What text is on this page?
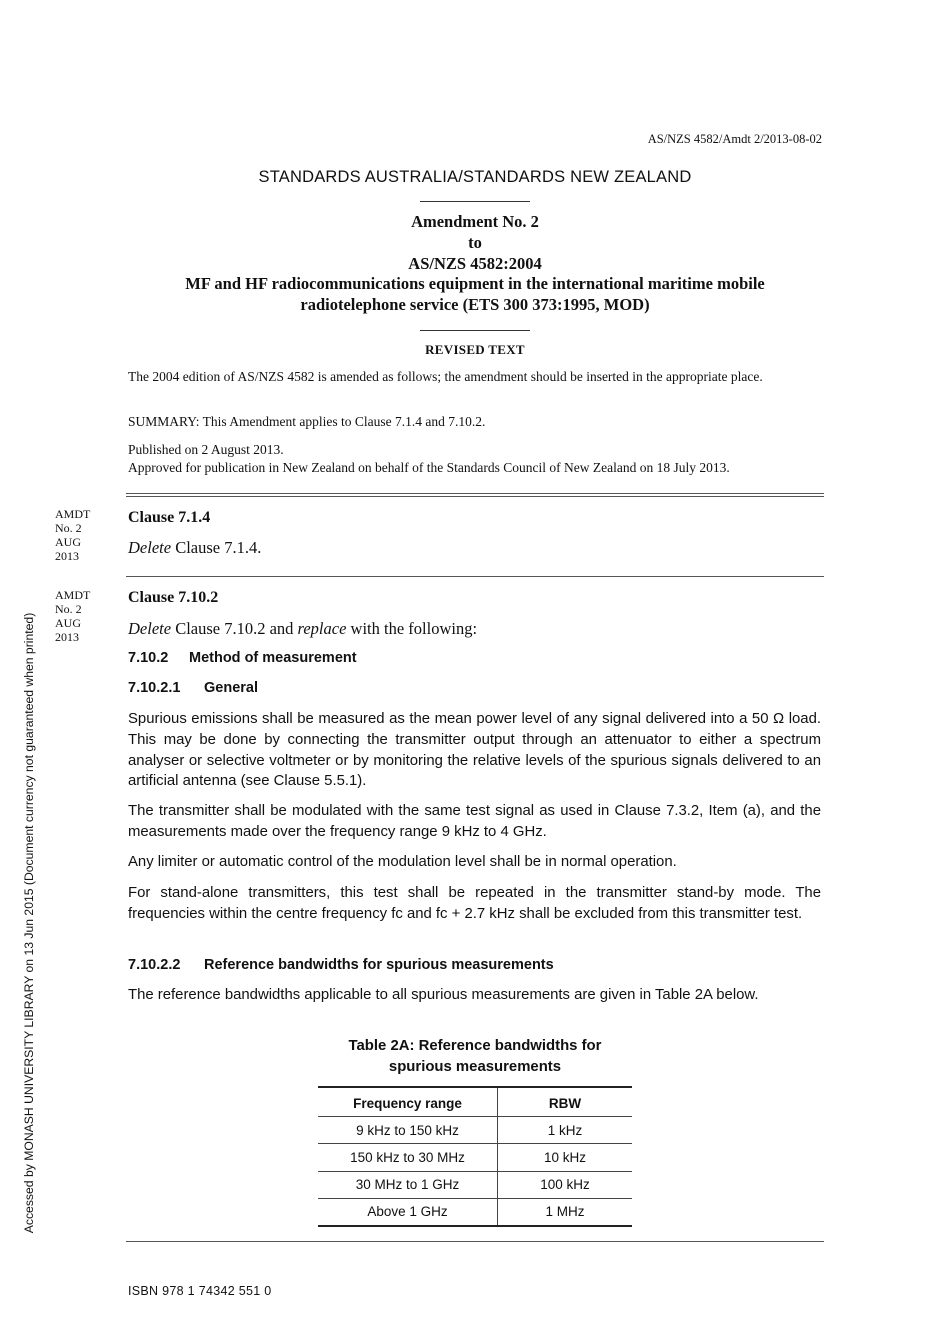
AS/NZS 4582/Amdt 2/2013-08-02
STANDARDS AUSTRALIA/STANDARDS NEW ZEALAND
Amendment No. 2
to
AS/NZS 4582:2004
MF and HF radiocommunications equipment in the international maritime mobile
radiotelephone service (ETS 300 373:1995, MOD)
REVISED TEXT
The 2004 edition of AS/NZS 4582 is amended as follows; the amendment should be inserted in the appropriate place.
SUMMARY: This Amendment applies to Clause 7.1.4 and 7.10.2.
Published on 2 August 2013.
Approved for publication in New Zealand on behalf of the Standards Council of New Zealand on 18 July 2013.
AMDT
No. 2
AUG
2013
Clause 7.1.4
Delete Clause 7.1.4.
AMDT
No. 2
AUG
2013
Clause 7.10.2
Delete Clause 7.10.2 and replace with the following:
7.10.2 Method of measurement
7.10.2.1 General
Spurious emissions shall be measured as the mean power level of any signal delivered into a 50 Ω load. This may be done by connecting the transmitter output through an attenuator to either a spectrum analyser or selective voltmeter or by monitoring the relative levels of the spurious signals delivered to an artificial antenna (see Clause 5.5.1).
The transmitter shall be modulated with the same test signal as used in Clause 7.3.2, Item (a), and the measurements made over the frequency range 9 kHz to 4 GHz.
Any limiter or automatic control of the modulation level shall be in normal operation.
For stand-alone transmitters, this test shall be repeated in the transmitter stand-by mode. The frequencies within the centre frequency fc and fc + 2.7 kHz shall be excluded from this transmitter test.
7.10.2.2 Reference bandwidths for spurious measurements
The reference bandwidths applicable to all spurious measurements are given in Table 2A below.
Table 2A: Reference bandwidths for
spurious measurements
Frequency range	RBW
9 kHz to 150 kHz	1 kHz
150 kHz to 30 MHz	10 kHz
30 MHz to 1 GHz	100 kHz
Above 1 GHz	1 MHz
ISBN 978 1 74342 551 0
Accessed by MONASH UNIVERSITY LIBRARY on 13 Jun 2015 (Document currency not guaranteed when printed)
